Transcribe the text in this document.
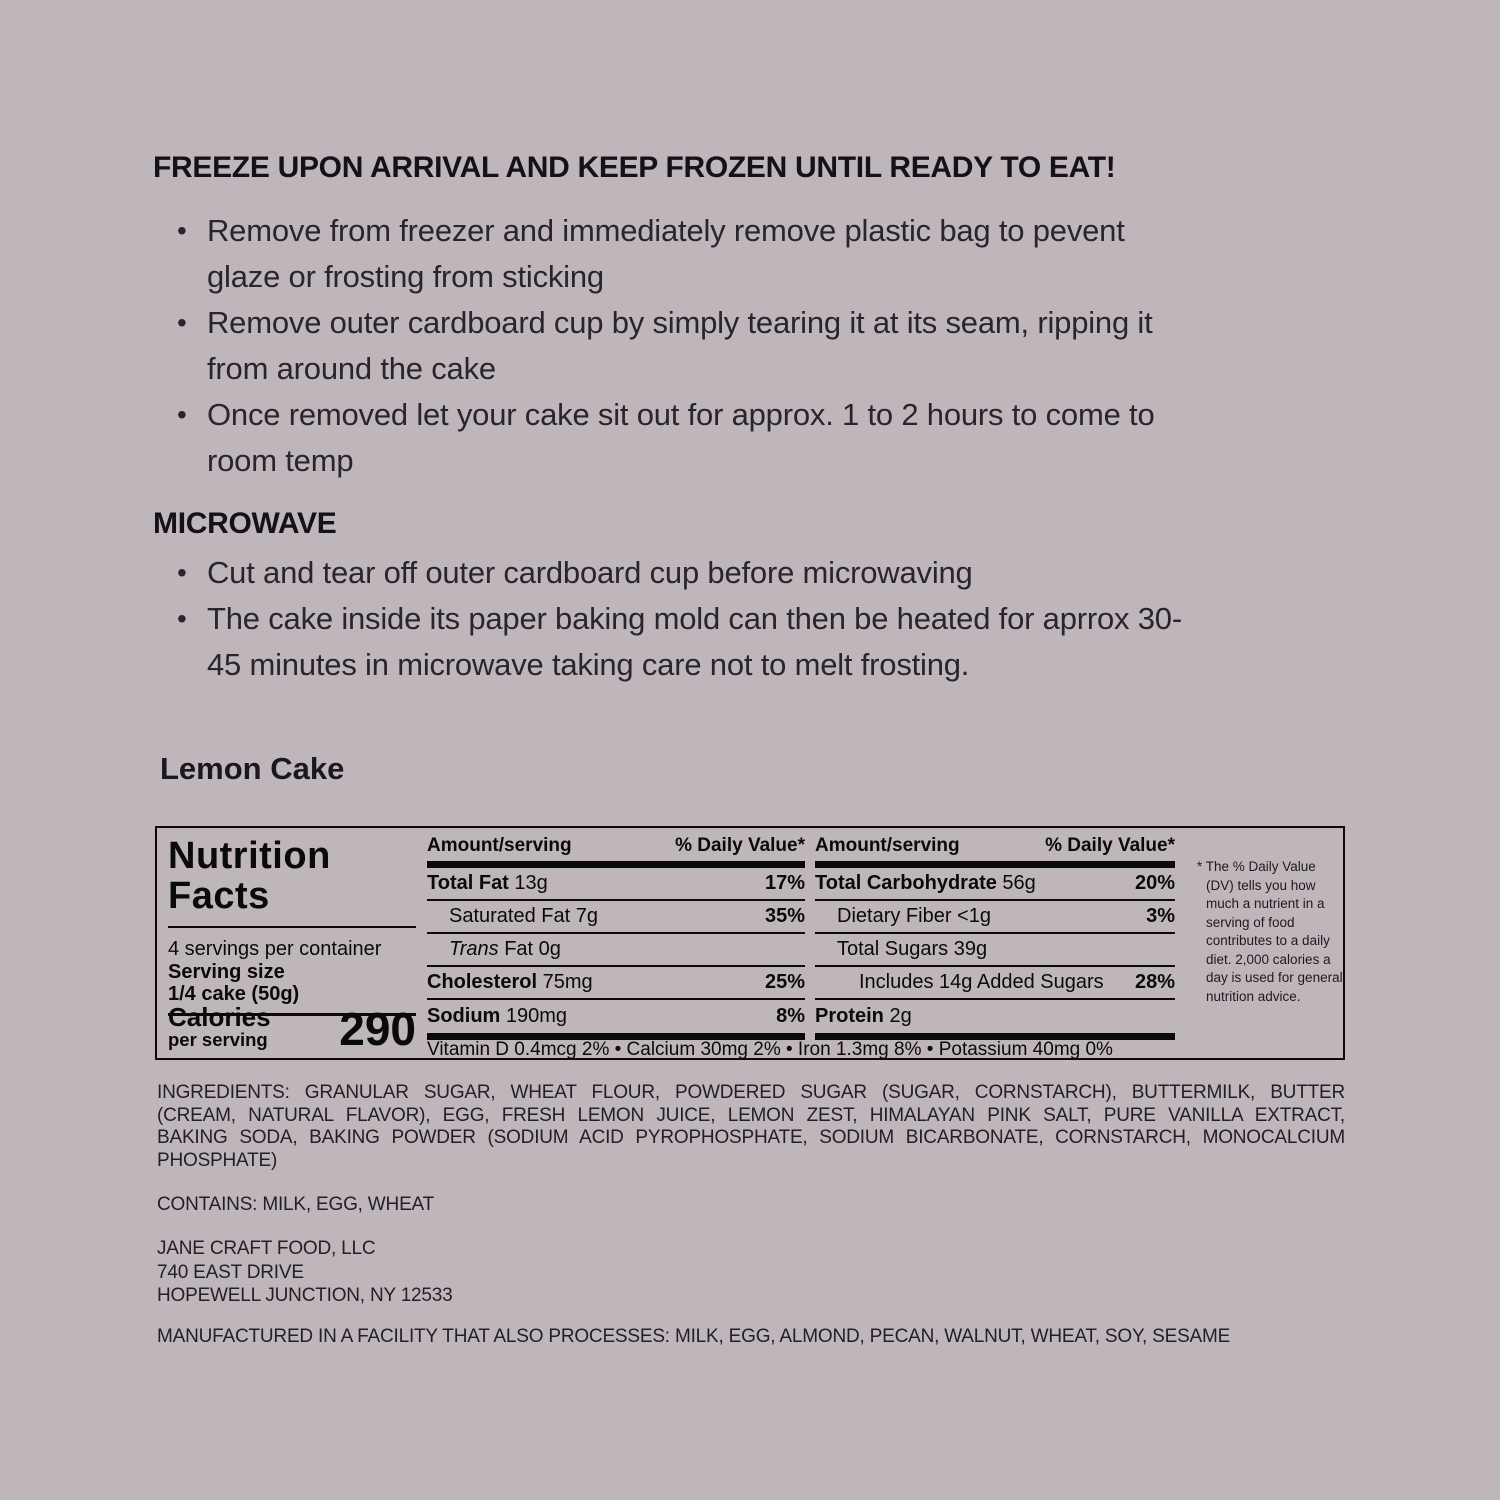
FREEZE UPON ARRIVAL AND KEEP FROZEN UNTIL READY TO EAT!
• Remove from freezer and immediately remove plastic bag to pevent
glaze or frosting from sticking
• Remove outer cardboard cup by simply tearing it at its seam, ripping it
from around the cake
• Once removed let your cake sit out for approx. 1 to 2 hours to come to
room temp
MICROWAVE
• Cut and tear off outer cardboard cup before microwaving
• The cake inside its paper baking mold can then be heated for aprrox 30-
45 minutes in microwave taking care not to melt frosting.
Lemon Cake
Nutrition
Facts
4 servings per container
Serving size
1/4 cake (50g)
Calories
per serving 290
Amount/serving	% Daily Value*
Total Fat 13g	17%
Saturated Fat 7g	35%
Trans Fat 0g
Cholesterol 75mg	25%
Sodium 190mg	8%
Amount/serving	% Daily Value*
Total Carbohydrate 56g	20%
Dietary Fiber <1g	3%
Total Sugars 39g
Includes 14g Added Sugars 28%
Protein 2g
Vitamin D 0.4mcg 2% • Calcium 30mg 2% • Iron 1.3mg 8% • Potassium 40mg 0%
* The % Daily Value (DV) tells you how much a nutrient in a serving of food contributes to a daily diet. 2,000 calories a day is used for general nutrition advice.
INGREDIENTS: GRANULAR SUGAR, WHEAT FLOUR, POWDERED SUGAR (SUGAR, CORNSTARCH), BUTTERMILK, BUTTER
(CREAM, NATURAL FLAVOR), EGG, FRESH LEMON JUICE, LEMON ZEST, HIMALAYAN PINK SALT, PURE VANILLA EXTRACT,
BAKING SODA, BAKING POWDER (SODIUM ACID PYROPHOSPHATE, SODIUM BICARBONATE, CORNSTARCH, MONOCALCIUM
PHOSPHATE)
CONTAINS: MILK, EGG, WHEAT
JANE CRAFT FOOD, LLC
740 EAST DRIVE
HOPEWELL JUNCTION, NY 12533
MANUFACTURED IN A FACILITY THAT ALSO PROCESSES: MILK, EGG, ALMOND, PECAN, WALNUT, WHEAT, SOY, SESAME
